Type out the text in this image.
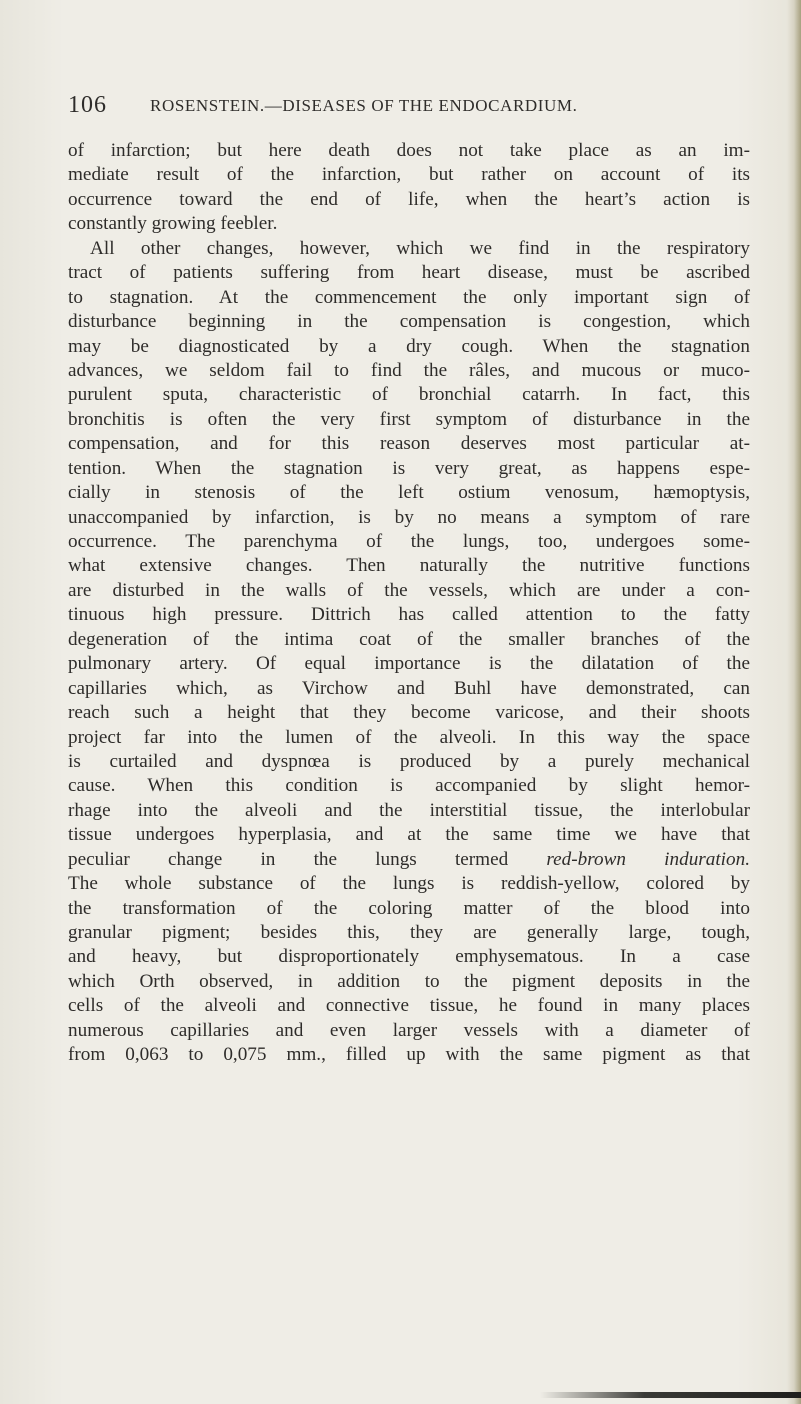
106	ROSENSTEIN.—DISEASES OF THE ENDOCARDIUM.
of infarction; but here death does not take place as an im-
mediate result of the infarction, but rather on account of its
occurrence toward the end of life, when the heart’s action is
constantly growing feebler.
All other changes, however, which we find in the respiratory
tract of patients suffering from heart disease, must be ascribed
to stagnation. At the commencement the only important sign of
disturbance beginning in the compensation is congestion, which
may be diagnosticated by a dry cough. When the stagnation
advances, we seldom fail to find the râles, and mucous or muco-
purulent sputa, characteristic of bronchial catarrh. In fact, this
bronchitis is often the very first symptom of disturbance in the
compensation, and for this reason deserves most particular at-
tention. When the stagnation is very great, as happens espe-
cially in stenosis of the left ostium venosum, hæmoptysis,
unaccompanied by infarction, is by no means a symptom of rare
occurrence. The parenchyma of the lungs, too, undergoes some-
what extensive changes. Then naturally the nutritive functions
are disturbed in the walls of the vessels, which are under a con-
tinuous high pressure. Dittrich has called attention to the fatty
degeneration of the intima coat of the smaller branches of the
pulmonary artery. Of equal importance is the dilatation of the
capillaries which, as Virchow and Buhl have demonstrated, can
reach such a height that they become varicose, and their shoots
project far into the lumen of the alveoli. In this way the space
is curtailed and dyspnœa is produced by a purely mechanical
cause. When this condition is accompanied by slight hemor-
rhage into the alveoli and the interstitial tissue, the interlobular
tissue undergoes hyperplasia, and at the same time we have that
peculiar change in the lungs termed red-brown induration.
The whole substance of the lungs is reddish-yellow, colored by
the transformation of the coloring matter of the blood into
granular pigment; besides this, they are generally large, tough,
and heavy, but disproportionately emphysematous. In a case
which Orth observed, in addition to the pigment deposits in the
cells of the alveoli and connective tissue, he found in many places
numerous capillaries and even larger vessels with a diameter of
from 0,063 to 0,075 mm., filled up with the same pigment as that
